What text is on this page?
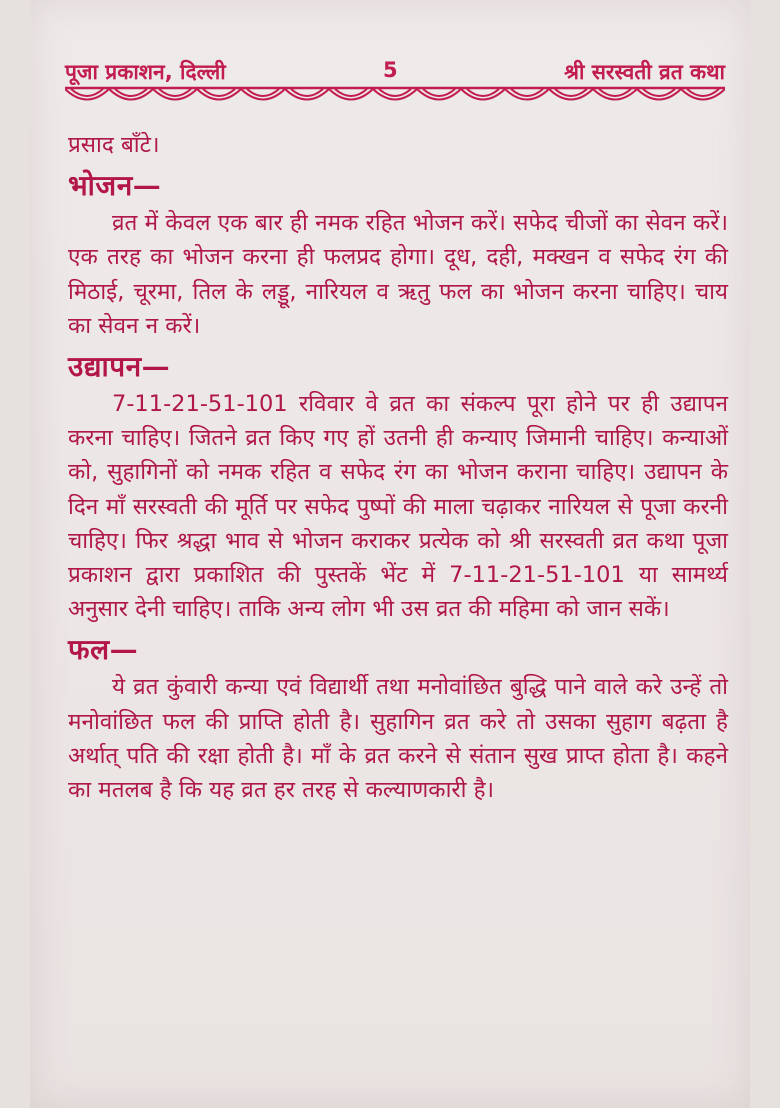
पूजा प्रकाशन, दिल्ली	5	श्री सरस्वती व्रत कथा

प्रसाद बाँटे।

भोजन—

व्रत में केवल एक बार ही नमक रहित भोजन करें। सफेद चीजों का सेवन करें। एक तरह का भोजन करना ही फलप्रद होगा। दूध, दही, मक्खन व सफेद रंग की मिठाई, चूरमा, तिल के लड्डू, नारियल व ऋतु फल का भोजन करना चाहिए। चाय का सेवन न करें।

उद्यापन—

7-11-21-51-101 रविवार वे व्रत का संकल्प पूरा होने पर ही उद्यापन करना चाहिए। जितने व्रत किए गए हों उतनी ही कन्याए जिमानी चाहिए। कन्याओं को, सुहागिनों को नमक रहित व सफेद रंग का भोजन कराना चाहिए। उद्यापन के दिन माँ सरस्वती की मूर्ति पर सफेद पुष्पों की माला चढ़ाकर नारियल से पूजा करनी चाहिए। फिर श्रद्धा भाव से भोजन कराकर प्रत्येक को श्री सरस्वती व्रत कथा पूजा प्रकाशन द्वारा प्रकाशित की पुस्तकें भेंट में 7-11-21-51-101 या सामर्थ्य अनुसार देनी चाहिए। ताकि अन्य लोग भी उस व्रत की महिमा को जान सकें।

फल—

ये व्रत कुंवारी कन्या एवं विद्यार्थी तथा मनोवांछित बुद्धि पाने वाले करे उन्हें तो मनोवांछित फल की प्राप्ति होती है। सुहागिन व्रत करे तो उसका सुहाग बढ़ता है अर्थात् पति की रक्षा होती है। माँ के व्रत करने से संतान सुख प्राप्त होता है। कहने का मतलब है कि यह व्रत हर तरह से कल्याणकारी है।
